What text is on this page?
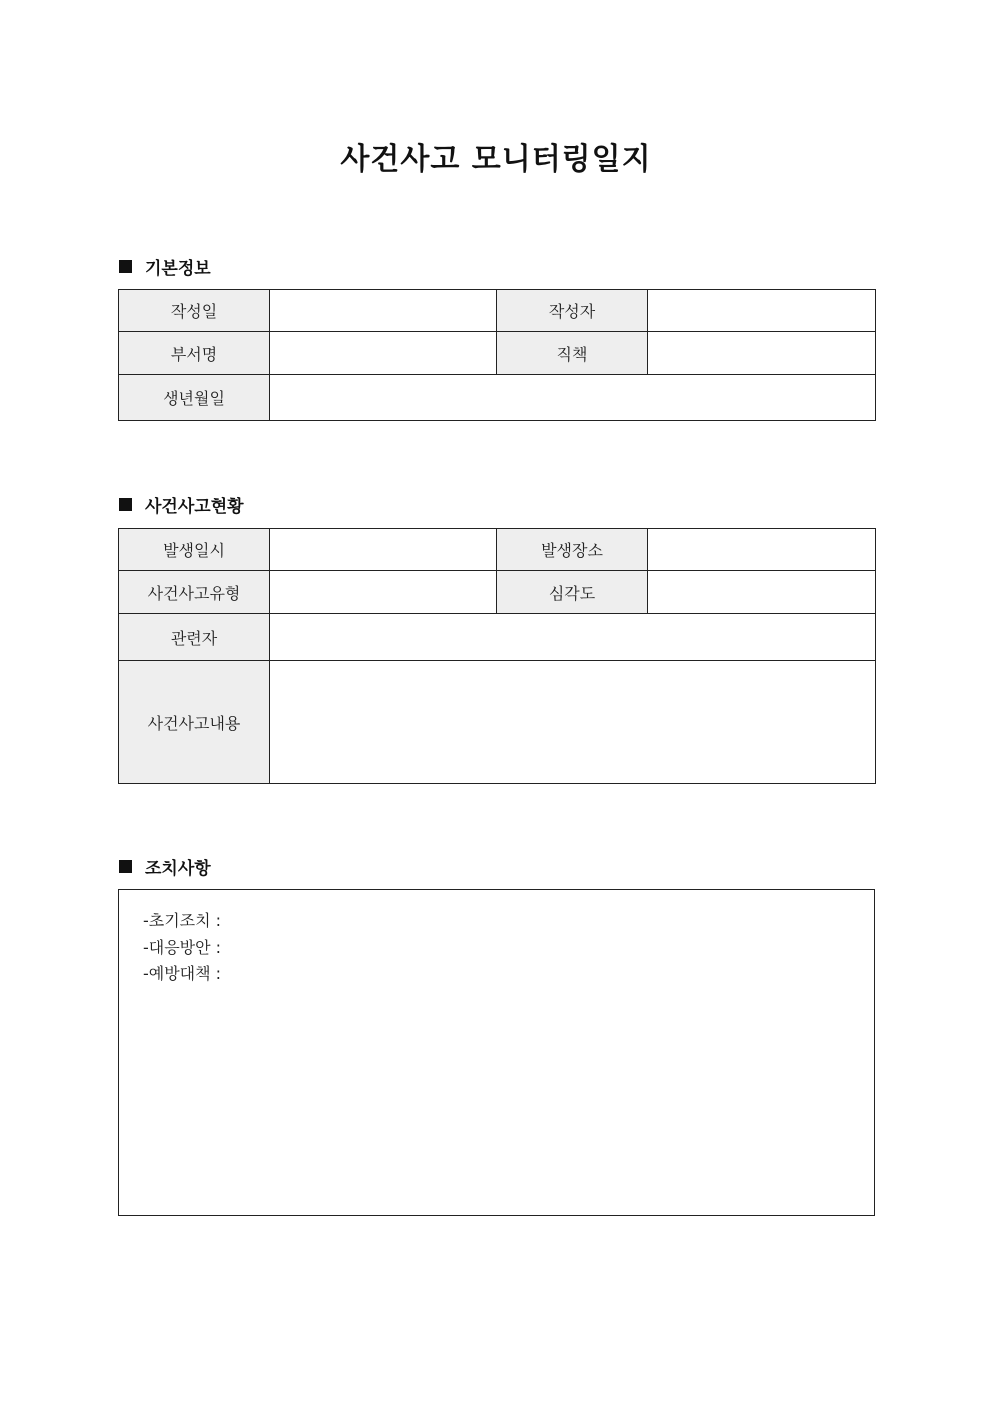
사건사고 모니터링일지
기본정보
작성일		작성자	
부서명		직책	
생년월일			
사건사고현황
발생일시		발생장소	
사건사고유형		심각도	
관련자			
사건사고내용			
조치사항
-초기조치 :
-대응방안 :
-예방대책 :
